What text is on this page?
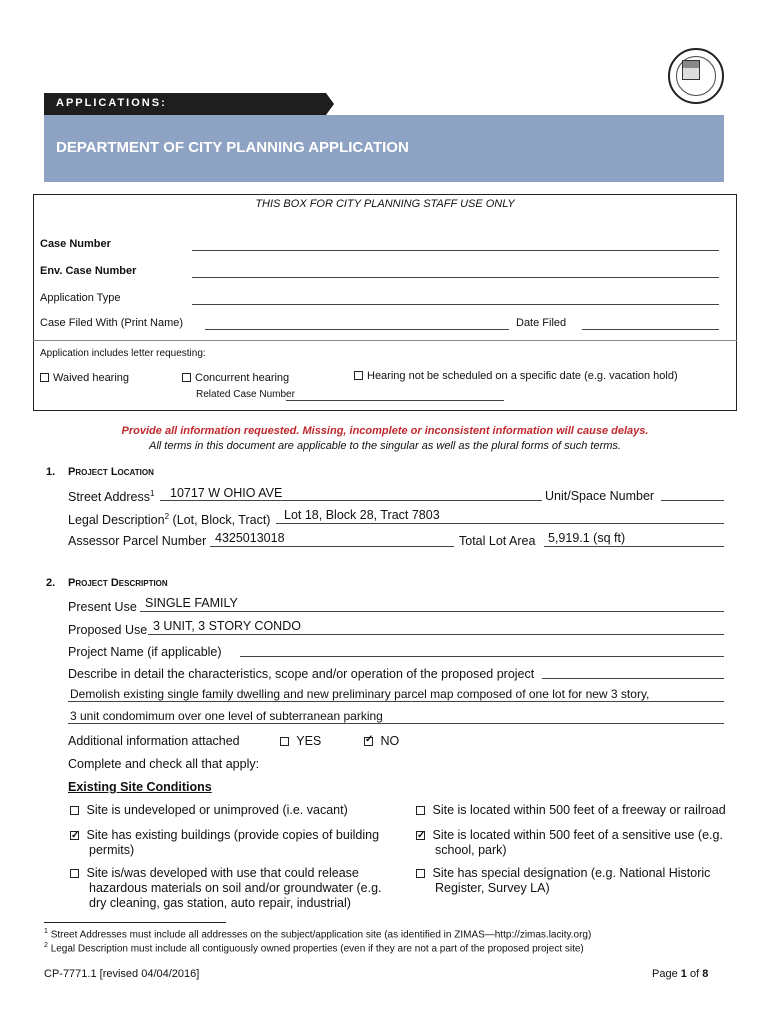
APPLICATIONS:
DEPARTMENT OF CITY PLANNING APPLICATION
THIS BOX FOR CITY PLANNING STAFF USE ONLY
Case Number
Env. Case Number
Application Type
Case Filed With (Print Name)	Date Filed
Application includes letter requesting:
Waived hearing	Concurrent hearing
Related Case Number
Hearing not be scheduled on a specific date (e.g. vacation hold)
Provide all information requested. Missing, incomplete or inconsistent information will cause delays.
All terms in this document are applicable to the singular as well as the plural forms of such terms.
1. Project Location
Street Address$^1$ 10717 W OHIO AVE	Unit/Space Number
Legal Description$^2$ (Lot, Block, Tract) Lot 18, Block 28, Tract 7803
Assessor Parcel Number 4325013018	Total Lot Area 5,919.1 (sq ft)
2. Project Description
Present Use SINGLE FAMILY
Proposed Use 3 UNIT, 3 STORY CONDO
Project Name (if applicable)
Describe in detail the characteristics, scope and/or operation of the proposed project
Demolish existing single family dwelling and new preliminary parcel map composed of one lot for new 3 story,
3 unit condomimum over one level of subterranean parking
Additional information attached	YES
✓	NO
Complete and check all that apply:
Existing Site Conditions
Site is undeveloped or unimproved (i.e. vacant)
✓ Site has existing buildings (provide copies of building
permits)
Site is/was developed with use that could release
hazardous materials on soil and/or groundwater (e.g.
dry cleaning, gas station, auto repair, industrial)
Site is located within 500 feet of a freeway or railroad
✓ Site is located within 500 feet of a sensitive use (e.g.
school, park)
Site has special designation (e.g. National Historic
Register, Survey LA)
$^1$ Street Addresses must include all addresses on the subject/application site (as identified in ZIMAS—http://zimas.lacity.org)
$^2$ Legal Description must include all contiguously owned properties (even if they are not a part of the proposed project site)
CP-7771.1 [revised 04/04/2016]	Page 1 of 8
